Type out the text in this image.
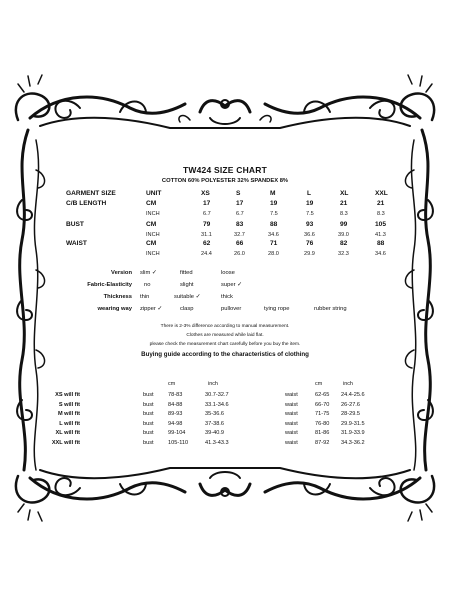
TW424 SIZE CHART
COTTON 60% POLYESTER 32% SPANDEX 8%
GARMENT SIZE	UNIT	XS	S	M	L	XL	XXL
C/B LENGTH	CM	17	17	19	19	21	21
INCH	6.7	6.7	7.5	7.5	8.3	8.3
BUST	CM	79	83	88	93	99	105
INCH	31.1	32.7	34.6	36.6	39.0	41.3
WAIST	CM	62	66	71	76	82	88
INCH	24.4	26.0	28.0	29.9	32.3	34.6
Version slim ✓	fitted	loose
Fabric-Elasticity no	slight	super ✓
Thickness thin	suitable ✓	thick
wearing way zipper ✓	clasp	pullover	tying rope	rubber string
There is 2-3% difference according to manual measurement.
Clothes are measured while laid flat.
please check the measurement chart carefully before you buy the item.
Buying guide according to the characteristics of clothing
cm	inch	cm	inch
XS will fit	bust	78-83	30.7-32.7	waist	62-65 24.4-25.6
S will fit	bust	84-88	33.1-34.6	waist	66-70 26-27.6
M will fit	bust	89-93	35-36.6	waist	71-75 28-29.5
L will fit	bust	94-98	37-38.6	waist	76-80 29.9-31.5
XL will fit	bust	99-104	39-40.9	waist	81-86 31.9-33.9
XXL will fit	bust	105-110	41.3-43.3	waist	87-92 34.3-36.2
